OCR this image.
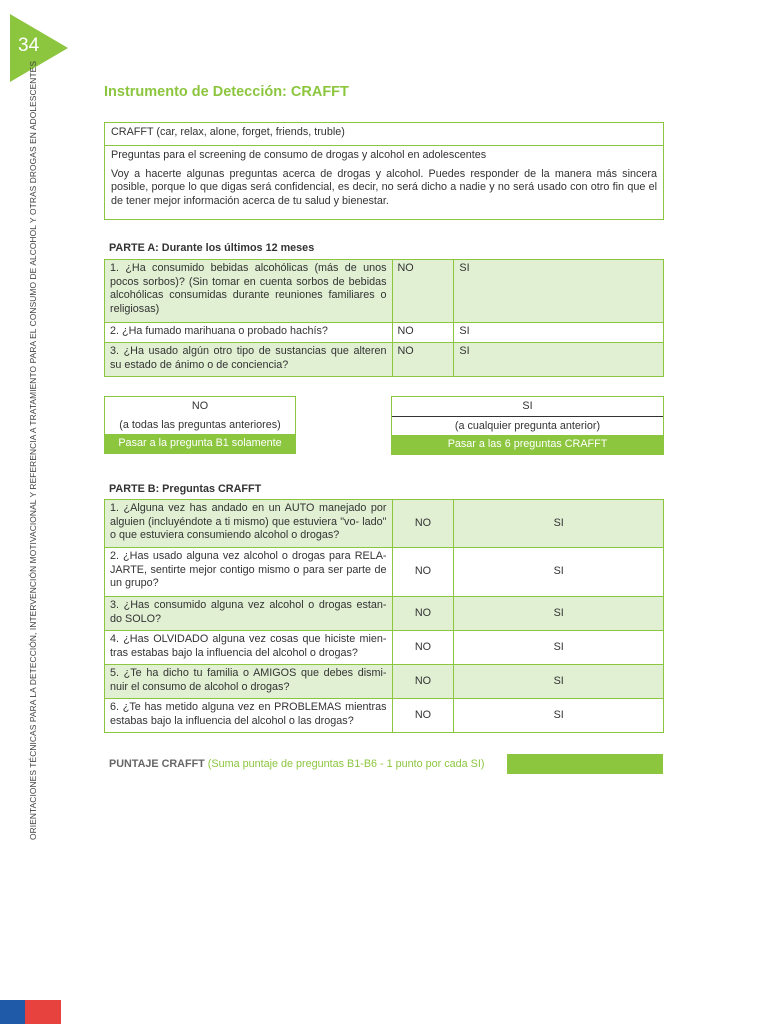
34
ORIENTACIONES TÉCNICAS PARA LA DETECCIÓN, INTERVENCIÓN MOTIVACIONAL Y REFERENCIA A TRATAMIENTO PARA EL CONSUMO DE ALCOHOL Y OTRAS DROGAS EN ADOLESCENTES	Instrumento de Detección: CRAFFT
CRAFFT (car, relax, alone, forget, friends, truble)
Preguntas para el screening de consumo de drogas y alcohol en adolescentes
Voy a hacerte algunas preguntas acerca de drogas y alcohol. Puedes responder de la manera más sincera posible, porque lo que digas será confidencial, es decir, no será dicho a nadie y no será usado con otro fin que el de tener mejor información acerca de tu salud y bienestar.
PARTE A: Durante los últimos 12 meses
1. ¿Ha consumido bebidas alcohólicas (más de unos pocos sorbos)? (Sin tomar en cuenta sorbos de bebidas alcohólicas consumidas durante reuniones familiares o religiosas)	NO	SI
2. ¿Ha fumado marihuana o probado hachís?	NO	SI
3. ¿Ha usado algún otro tipo de sustancias que alteren su estado de ánimo o de conciencia?	NO	SI
NO
(a todas las preguntas anteriores)
Pasar a la pregunta B1 solamente
SI
(a cualquier pregunta anterior)
Pasar a las 6 preguntas CRAFFT
PARTE B: Preguntas CRAFFT
1. ¿Alguna vez has andado en un AUTO manejado por alguien (incluyéndote a ti mismo) que estuviera "vo- lado" o que estuviera consumiendo alcohol o drogas?	NO	SI
2. ¿Has usado alguna vez alcohol o drogas para RELA- JARTE, sentirte mejor contigo mismo o para ser parte de un grupo?	NO	SI
3. ¿Has consumido alguna vez alcohol o drogas estan- do SOLO?	NO	SI
4. ¿Has OLVIDADO alguna vez cosas que hiciste mien- tras estabas bajo la influencia del alcohol o drogas?	NO	SI
5. ¿Te ha dicho tu familia o AMIGOS que debes dismi- nuir el consumo de alcohol o drogas?	NO	SI
6. ¿Te has metido alguna vez en PROBLEMAS mientras estabas bajo la influencia del alcohol o las drogas?	NO	SI
PUNTAJE CRAFFT (Suma puntaje de preguntas B1-B6 - 1 punto por cada SI)
